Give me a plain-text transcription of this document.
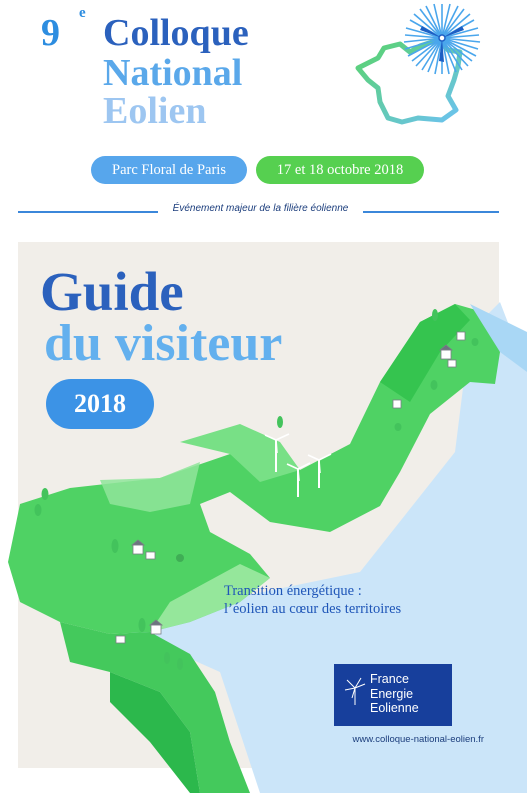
9 e Colloque
National
Eolien
Parc Floral de Paris	17 et 18 octobre 2018
Événement majeur de la filière éolienne
Guide
du visiteur
2018
Transition énergétique :
l’éolien au cœur des territoires
France
Energie
Eolienne
www.colloque-national-eolien.fr
